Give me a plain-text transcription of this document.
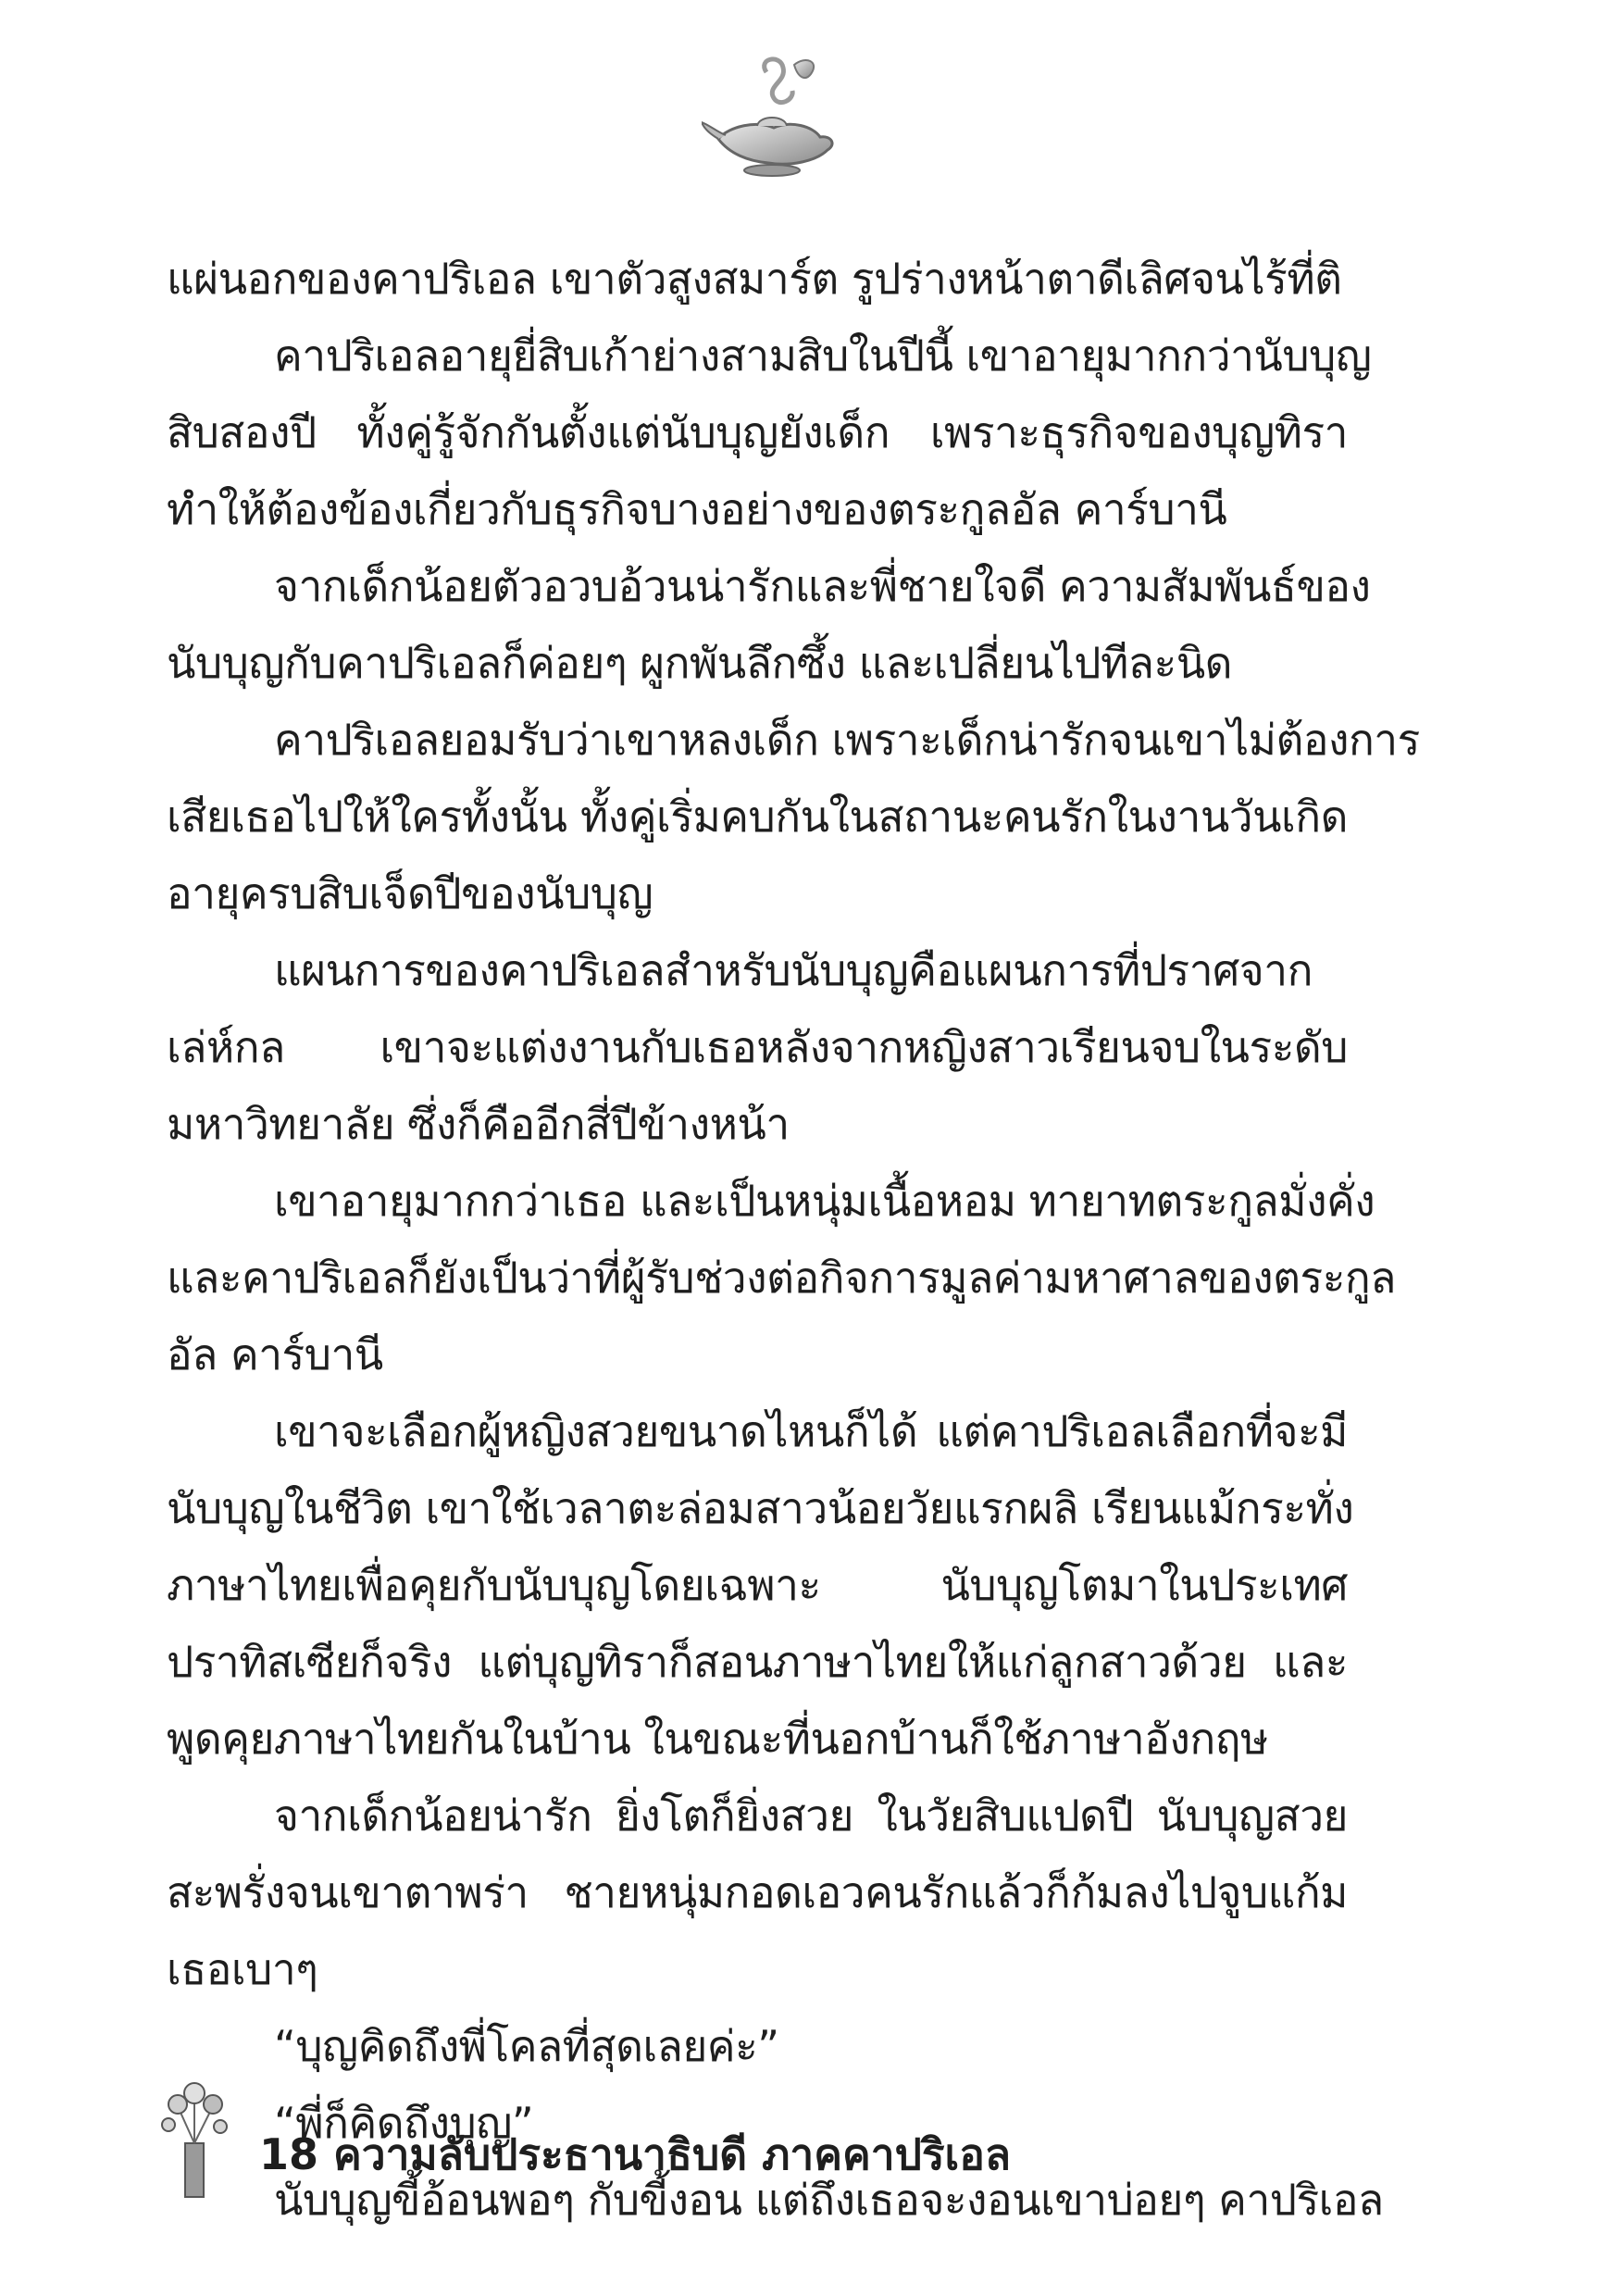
แผ่นอกของคาปริเอล เขาตัวสูงสมาร์ต รูปร่างหน้าตาดีเลิศจนไร้ที่ติ
คาปริเอลอายุยี่สิบเก้าย่างสามสิบในปีนี้ เขาอายุมากกว่านับบุญ
สิบสองปี ทั้งคู่รู้จักกันตั้งแต่นับบุญยังเด็ก เพราะธุรกิจของบุญทิรา
ทำให้ต้องข้องเกี่ยวกับธุรกิจบางอย่างของตระกูลอัล คาร์บานี
จากเด็กน้อยตัวอวบอ้วนน่ารักและพี่ชายใจดี ความสัมพันธ์ของ
นับบุญกับคาปริเอลก็ค่อยๆ ผูกพันลึกซึ้ง และเปลี่ยนไปทีละนิด
คาปริเอลยอมรับว่าเขาหลงเด็ก เพราะเด็กน่ารักจนเขาไม่ต้องการ
เสียเธอไปให้ใครทั้งนั้น ทั้งคู่เริ่มคบกันในสถานะคนรักในงานวันเกิด
อายุครบสิบเจ็ดปีของนับบุญ
แผนการของคาปริเอลสำหรับนับบุญคือแผนการที่ปราศจาก
เล่ห์กล เขาจะแต่งงานกับเธอหลังจากหญิงสาวเรียนจบในระดับ
มหาวิทยาลัย ซึ่งก็คืออีกสี่ปีข้างหน้า
เขาอายุมากกว่าเธอ และเป็นหนุ่มเนื้อหอม ทายาทตระกูลมั่งคั่ง
และคาปริเอลก็ยังเป็นว่าที่ผู้รับช่วงต่อกิจการมูลค่ามหาศาลของตระกูล
อัล คาร์บานี
เขาจะเลือกผู้หญิงสวยขนาดไหนก็ได้ แต่คาปริเอลเลือกที่จะมี
นับบุญในชีวิต เขาใช้เวลาตะล่อมสาวน้อยวัยแรกผลิ เรียนแม้กระทั่ง
ภาษาไทยเพื่อคุยกับนับบุญโดยเฉพาะ นับบุญโตมาในประเทศ
ปราทิสเซียก็จริง แต่บุญทิราก็สอนภาษาไทยให้แก่ลูกสาวด้วย และ
พูดคุยภาษาไทยกันในบ้าน ในขณะที่นอกบ้านก็ใช้ภาษาอังกฤษ
จากเด็กน้อยน่ารัก ยิ่งโตก็ยิ่งสวย ในวัยสิบแปดปี นับบุญสวย
สะพรั่งจนเขาตาพร่า ชายหนุ่มกอดเอวคนรักแล้วก็ก้มลงไปจูบแก้ม
เธอเบาๆ
“บุญคิดถึงพี่โคลที่สุดเลยค่ะ”
“พี่ก็คิดถึงบุญ”
นับบุญขี้อ้อนพอๆ กับขี้งอน แต่ถึงเธอจะงอนเขาบ่อยๆ คาปริเอล
18 ความลับประธานาธิบดี ภาคคาปริเอล
